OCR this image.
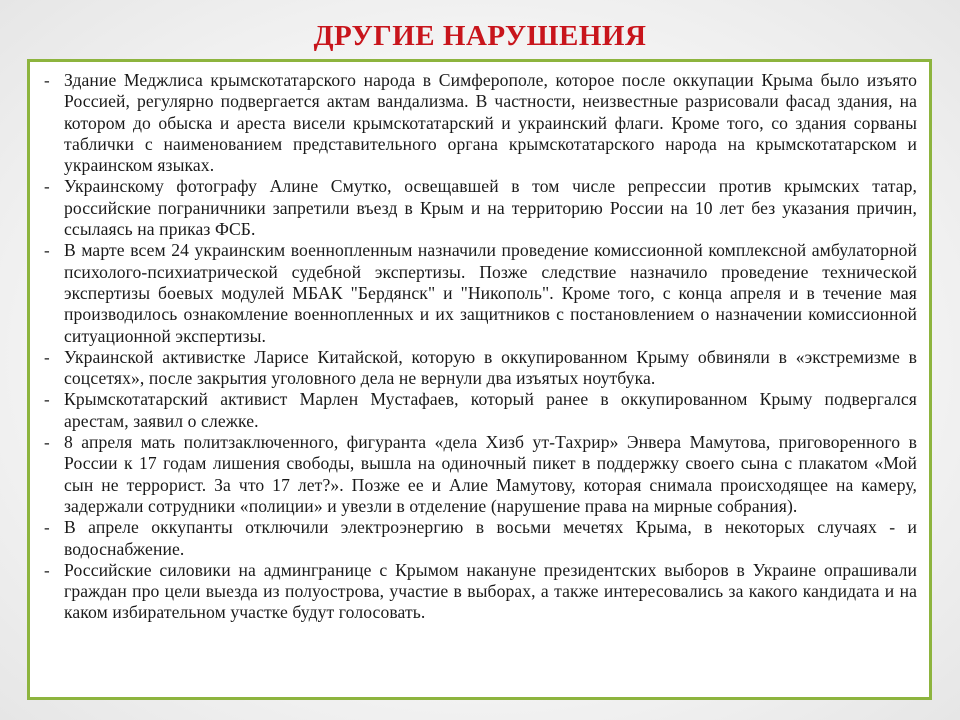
ДРУГИЕ НАРУШЕНИЯ
- Здание Меджлиса крымскотатарского народа в Симферополе, которое после оккупации Крыма было изъято Россией, регулярно подвергается актам вандализма. В частности, неизвестные разрисовали фасад здания, на котором до обыска и ареста висели крымскотатарский и украинский флаги. Кроме того, со здания сорваны таблички с наименованием представительного органа крымскотатарского народа на крымскотатарском и украинском языках.
- Украинскому фотографу Алине Смутко, освещавшей в том числе репрессии против крымских татар, российские пограничники запретили въезд в Крым и на территорию России на 10 лет без указания причин, ссылаясь на приказ ФСБ.
- В марте всем 24 украинским военнопленным назначили проведение комиссионной комплексной амбулаторной психолого-психиатрической судебной экспертизы. Позже следствие назначило проведение технической экспертизы боевых модулей МБАК "Бердянск" и "Никополь". Кроме того, с конца апреля и в течение мая производилось ознакомление военнопленных и их защитников с постановлением о назначении комиссионной ситуационной экспертизы.
- Украинской активистке Ларисе Китайской, которую в оккупированном Крыму обвиняли в «экстремизме в соцсетях», после закрытия уголовного дела не вернули два изъятых ноутбука.
- Крымскотатарский активист Марлен Мустафаев, который ранее в оккупированном Крыму подвергался арестам, заявил о слежке.
- 8 апреля мать политзаключенного, фигуранта «дела Хизб ут-Тахрир» Энвера Мамутова, приговоренного в России к 17 годам лишения свободы, вышла на одиночный пикет в поддержку своего сына с плакатом «Мой сын не террорист. За что 17 лет?». Позже ее и Алие Мамутову, которая снимала происходящее на камеру, задержали сотрудники «полиции» и увезли в отделение (нарушение права на мирные собрания).
- В апреле оккупанты отключили электроэнергию в восьми мечетях Крыма, в некоторых случаях - и водоснабжение.
- Российские силовики на админгранице с Крымом накануне президентских выборов в Украине опрашивали граждан про цели выезда из полуострова, участие в выборах, а также интересовались за какого кандидата и на каком избирательном участке будут голосовать.
